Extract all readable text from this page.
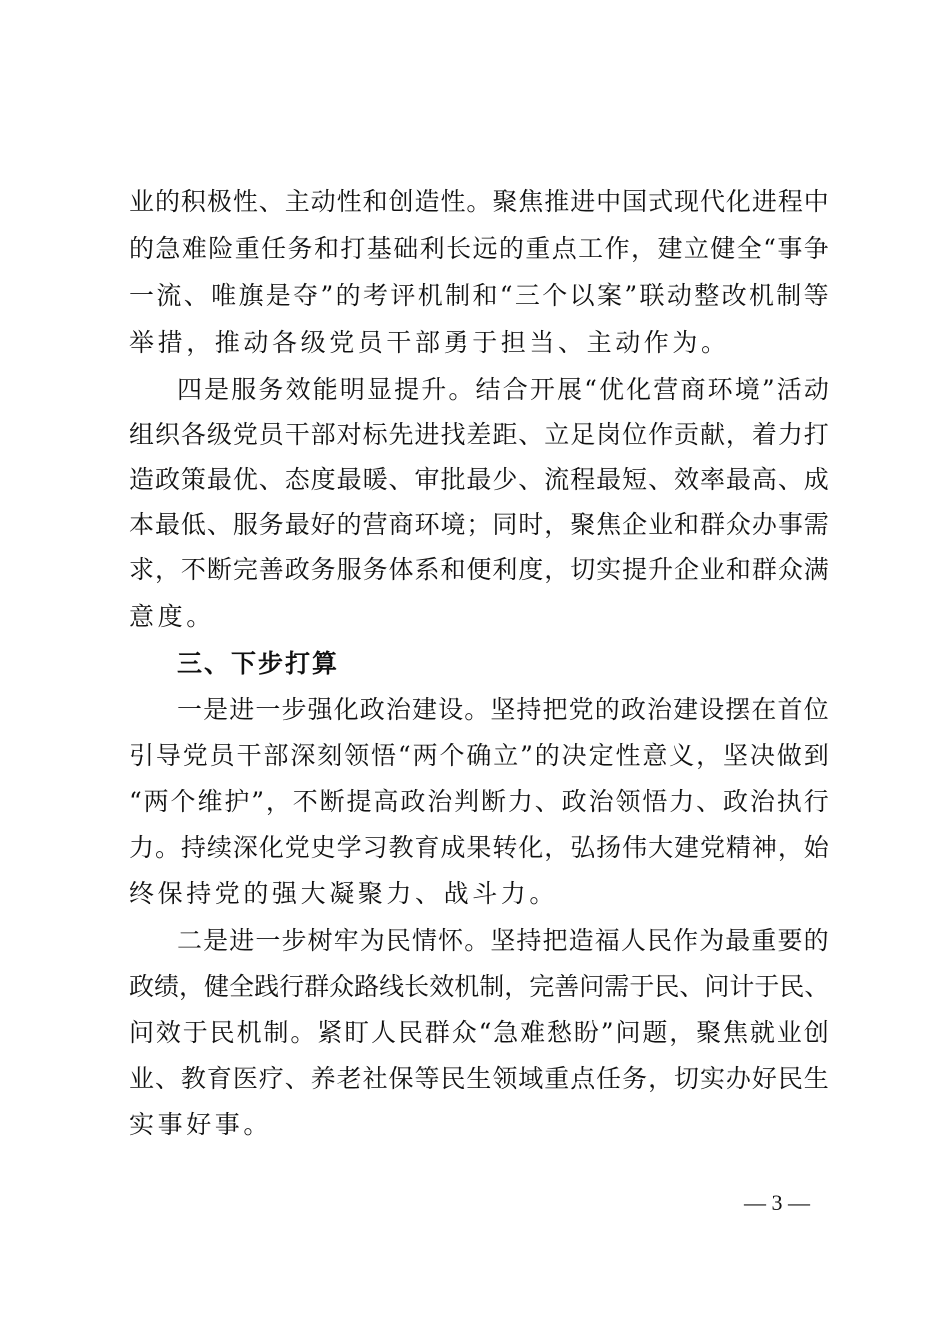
业 的 积 极 性 、 主 动 性 和 创 造 性 。 聚 焦 推 进 中 国 式 现 代 化 进 程 中
的 急 难 险 重 任 务 和 打 基 础 利 长 远 的 重 点 工 作 ， 建 立 健 全 “ 事 争
一 流 、 唯 旗 是 夺 ” 的 考 评 机 制 和 “ 三 个 以 案 ” 联 动 整 改 机 制 等
举措，推动各级党员干部勇于担当、主动作为。
四 是 服 务 效 能 明 显 提 升 。 结 合 开 展 “ 优 化 营 商 环 境 ” 活 动
组 织 各 级 党 员 干 部 对 标 先 进 找 差 距 、 立 足 岗 位 作 贡 献 ， 着 力 打
造 政 策 最 优 、 态 度 最 暖 、 审 批 最 少 、 流 程 最 短 、 效 率 最 高 、 成
本 最 低 、 服 务 最 好 的 营 商 环 境 ； 同 时 ， 聚 焦 企 业 和 群 众 办 事 需
求 ， 不 断 完 善 政 务 服 务 体 系 和 便 利 度 ， 切 实 提 升 企 业 和 群 众 满
意度。
三、下步打算
一 是 进 一 步 强 化 政 治 建 设 。 坚 持 把 党 的 政 治 建 设 摆 在 首 位
引 导 党 员 干 部 深 刻 领 悟 “ 两 个 确 立 ” 的 决 定 性 意 义 ， 坚 决 做 到
“ 两 个 维 护 ” ， 不 断 提 高 政 治 判 断 力 、 政 治 领 悟 力 、 政 治 执 行
力 。 持 续 深 化 党 史 学 习 教 育 成 果 转 化 ， 弘 扬 伟 大 建 党 精 神 ， 始
终保持党的强大凝聚力、战斗力。
二 是 进 一 步 树 牢 为 民 情 怀 。 坚 持 把 造 福 人 民 作 为 最 重 要 的
政 绩 ， 健 全 践 行 群 众 路 线 长 效 机 制 ， 完 善 问 需 于 民 、 问 计 于 民 、
问 效 于 民 机 制 。 紧 盯 人 民 群 众 “ 急 难 愁 盼 ” 问 题 ， 聚 焦 就 业 创
业 、 教 育 医 疗 、 养 老 社 保 等 民 生 领 域 重 点 任 务 ， 切 实 办 好 民 生
实事好事。
— 3 —
